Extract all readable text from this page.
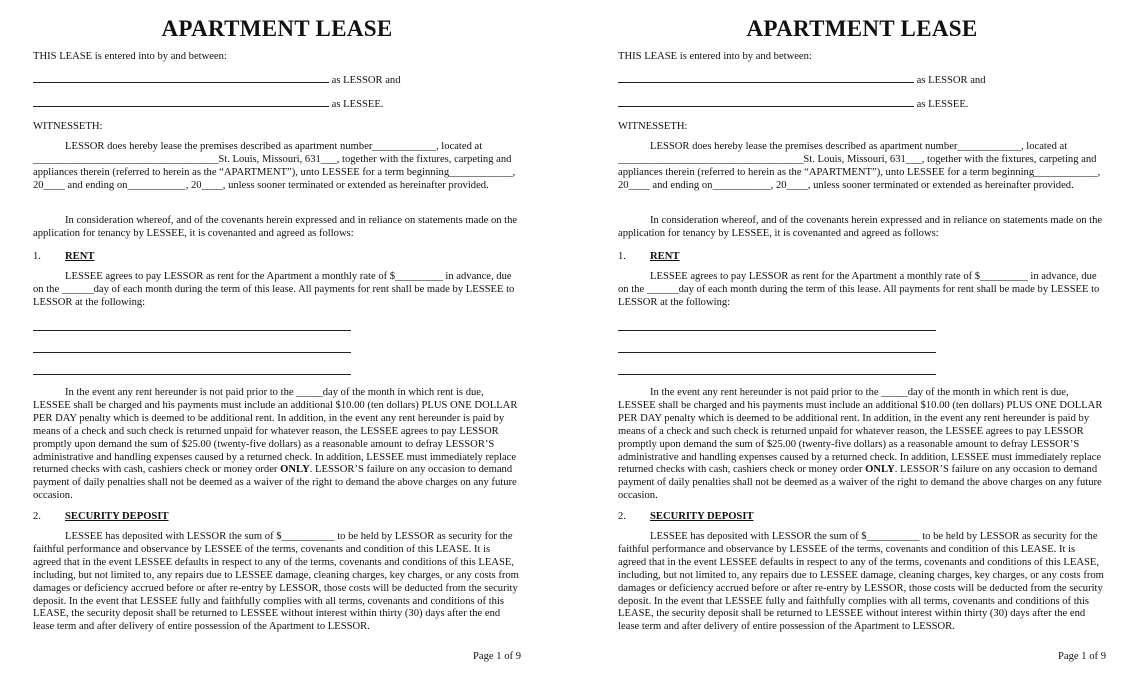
APARTMENT LEASE
THIS LEASE is entered into by and between:
as LESSOR and
as LESSEE.
WITNESSETH:
LESSOR does hereby lease the premises described as apartment number____________, located at ___________________________________St. Louis, Missouri, 631___, together with the fixtures, carpeting and appliances therein (referred to herein as the “APARTMENT”), unto LESSEE for a term beginning____________, 20____ and ending on___________, 20____, unless sooner terminated or extended as hereinafter provided.
In consideration whereof, and of the covenants herein expressed and in reliance on statements made on the application for tenancy by LESSEE, it is covenanted and agreed as follows:
1. RENT
LESSEE agrees to pay LESSOR as rent for the Apartment a monthly rate of $_________ in advance, due on the ______day of each month during the term of this lease. All payments for rent shall be made by LESSEE to LESSOR at the following:
In the event any rent hereunder is not paid prior to the _____day of the month in which rent is due, LESSEE shall be charged and his payments must include an additional $10.00 (ten dollars) PLUS ONE DOLLAR PER DAY penalty which is deemed to be additional rent. In addition, in the event any rent hereunder is paid by means of a check and such check is returned unpaid for whatever reason, the LESSEE agrees to pay LESSOR promptly upon demand the sum of $25.00 (twenty-five dollars) as a reasonable amount to defray LESSOR’S administrative and handling expenses caused by a returned check. In addition, LESSEE must immediately replace returned checks with cash, cashiers check or money order ONLY. LESSOR’S failure on any occasion to demand payment of daily penalties shall not be deemed as a waiver of the right to demand the above charges on any future occasion.
2. SECURITY DEPOSIT
LESSEE has deposited with LESSOR the sum of $__________ to be held by LESSOR as security for the faithful performance and observance by LESSEE of the terms, covenants and condition of this LEASE. It is agreed that in the event LESSEE defaults in respect to any of the terms, covenants and conditions of this LEASE, including, but not limited to, any repairs due to LESSEE damage, cleaning charges, key charges, or any costs from damages or deficiency accrued before or after re-entry by LESSOR, those costs will be deducted from the security deposit. In the event that LESSEE fully and faithfully complies with all terms, covenants and conditions of this LEASE, the security deposit shall be returned to LESSEE without interest within thirty (30) days after the end lease term and after delivery of entire possession of the Apartment to LESSOR.
Page 1 of 9
APARTMENT LEASE
THIS LEASE is entered into by and between:
as LESSOR and
as LESSEE.
WITNESSETH:
LESSOR does hereby lease the premises described as apartment number____________, located at ___________________________________St. Louis, Missouri, 631___, together with the fixtures, carpeting and appliances therein (referred to herein as the “APARTMENT”), unto LESSEE for a term beginning____________, 20____ and ending on___________, 20____, unless sooner terminated or extended as hereinafter provided.
In consideration whereof, and of the covenants herein expressed and in reliance on statements made on the application for tenancy by LESSEE, it is covenanted and agreed as follows:
1. RENT
LESSEE agrees to pay LESSOR as rent for the Apartment a monthly rate of $_________ in advance, due on the ______day of each month during the term of this lease. All payments for rent shall be made by LESSEE to LESSOR at the following:
In the event any rent hereunder is not paid prior to the _____day of the month in which rent is due, LESSEE shall be charged and his payments must include an additional $10.00 (ten dollars) PLUS ONE DOLLAR PER DAY penalty which is deemed to be additional rent. In addition, in the event any rent hereunder is paid by means of a check and such check is returned unpaid for whatever reason, the LESSEE agrees to pay LESSOR promptly upon demand the sum of $25.00 (twenty-five dollars) as a reasonable amount to defray LESSOR’S administrative and handling expenses caused by a returned check. In addition, LESSEE must immediately replace returned checks with cash, cashiers check or money order ONLY. LESSOR’S failure on any occasion to demand payment of daily penalties shall not be deemed as a waiver of the right to demand the above charges on any future occasion.
2. SECURITY DEPOSIT
LESSEE has deposited with LESSOR the sum of $__________ to be held by LESSOR as security for the faithful performance and observance by LESSEE of the terms, covenants and condition of this LEASE. It is agreed that in the event LESSEE defaults in respect to any of the terms, covenants and conditions of this LEASE, including, but not limited to, any repairs due to LESSEE damage, cleaning charges, key charges, or any costs from damages or deficiency accrued before or after re-entry by LESSOR, those costs will be deducted from the security deposit. In the event that LESSEE fully and faithfully complies with all terms, covenants and conditions of this LEASE, the security deposit shall be returned to LESSEE without interest within thirty (30) days after the end lease term and after delivery of entire possession of the Apartment to LESSOR.
Page 1 of 9
